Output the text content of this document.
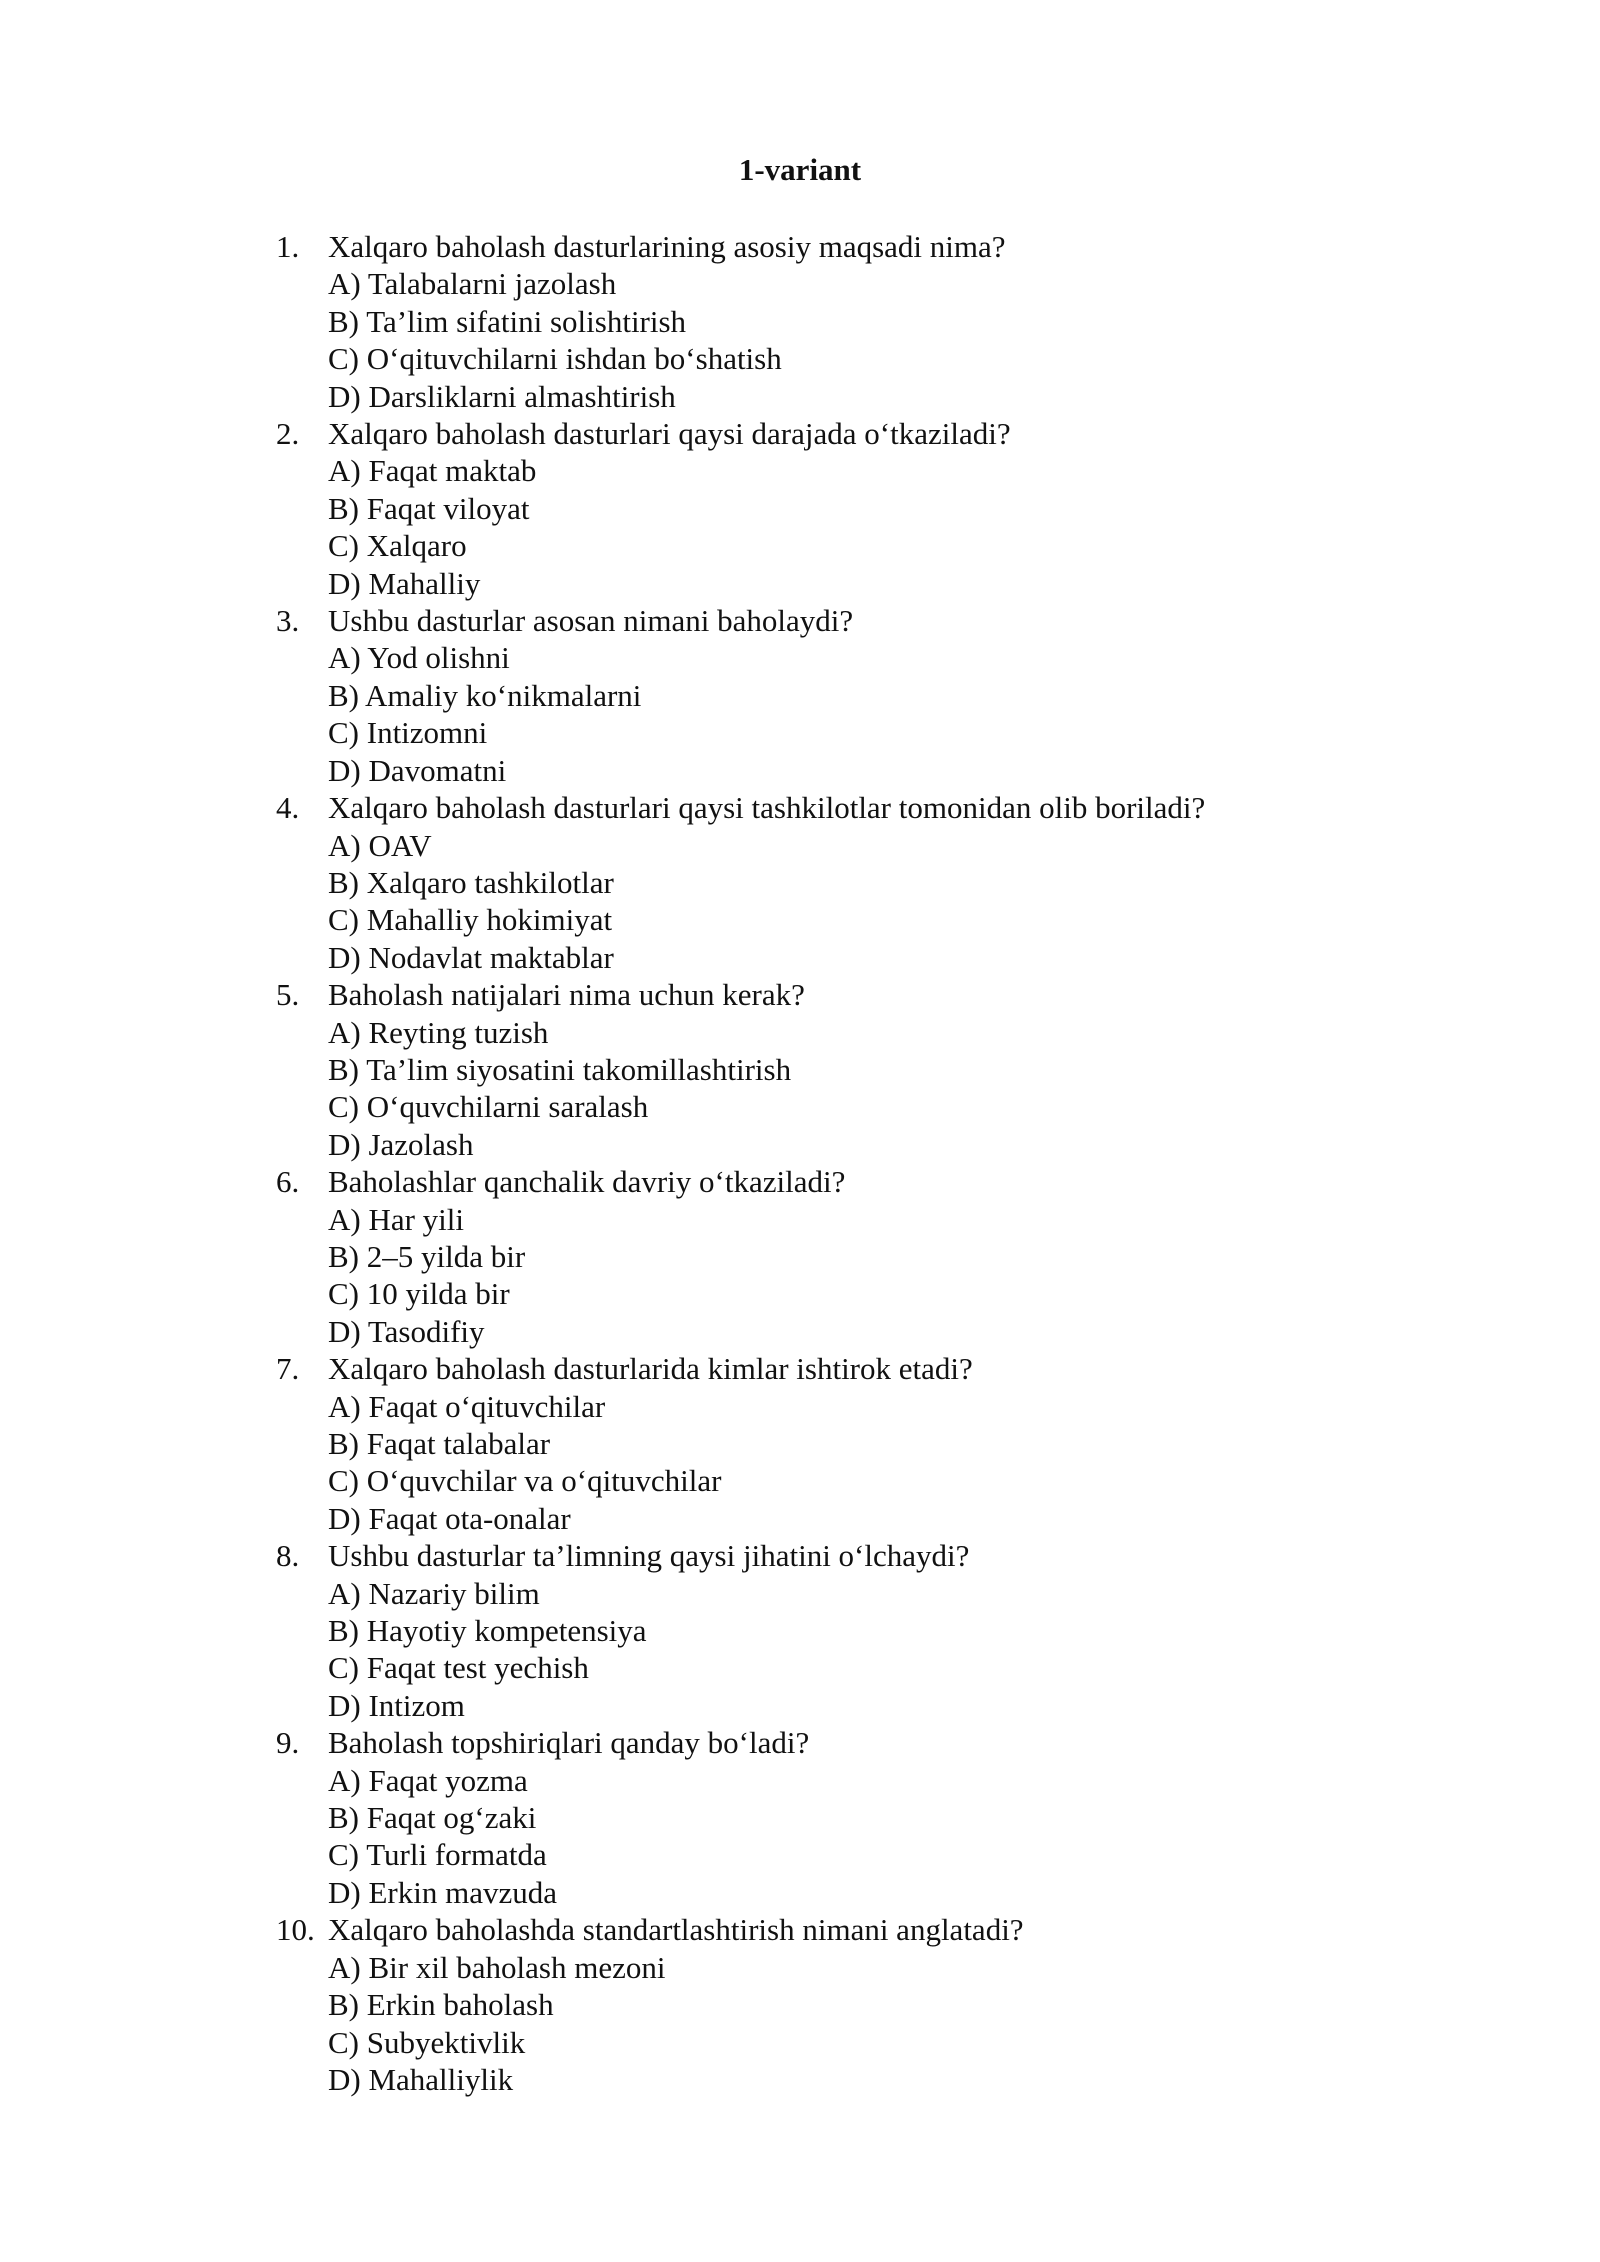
1-variant
1. Xalqaro baholash dasturlarining asosiy maqsadi nima?
A) Talabalarni jazolash
B) Ta’lim sifatini solishtirish
C) O‘qituvchilarni ishdan bo‘shatish
D) Darsliklarni almashtirish
2. Xalqaro baholash dasturlari qaysi darajada o‘tkaziladi?
A) Faqat maktab
B) Faqat viloyat
C) Xalqaro
D) Mahalliy
3. Ushbu dasturlar asosan nimani baholaydi?
A) Yod olishni
B) Amaliy ko‘nikmalarni
C) Intizomni
D) Davomatni
4. Xalqaro baholash dasturlari qaysi tashkilotlar tomonidan olib boriladi?
A) OAV
B) Xalqaro tashkilotlar
C) Mahalliy hokimiyat
D) Nodavlat maktablar
5. Baholash natijalari nima uchun kerak?
A) Reyting tuzish
B) Ta’lim siyosatini takomillashtirish
C) O‘quvchilarni saralash
D) Jazolash
6. Baholashlar qanchalik davriy o‘tkaziladi?
A) Har yili
B) 2–5 yilda bir
C) 10 yilda bir
D) Tasodifiy
7. Xalqaro baholash dasturlarida kimlar ishtirok etadi?
A) Faqat o‘qituvchilar
B) Faqat talabalar
C) O‘quvchilar va o‘qituvchilar
D) Faqat ota-onalar
8. Ushbu dasturlar ta’limning qaysi jihatini o‘lchaydi?
A) Nazariy bilim
B) Hayotiy kompetensiya
C) Faqat test yechish
D) Intizom
9. Baholash topshiriqlari qanday bo‘ladi?
A) Faqat yozma
B) Faqat og‘zaki
C) Turli formatda
D) Erkin mavzuda
10. Xalqaro baholashda standartlashtirish nimani anglatadi?
A) Bir xil baholash mezoni
B) Erkin baholash
C) Subyektivlik
D) Mahalliylik
